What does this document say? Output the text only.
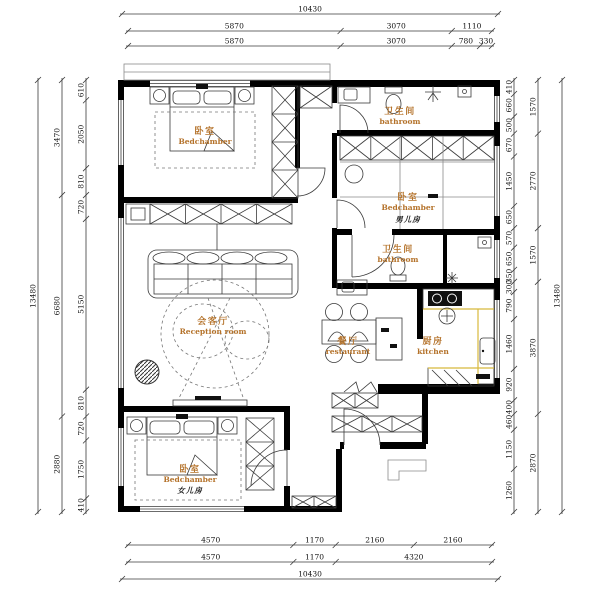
10430
5870	3070	1110
5870	3070	780 330
4570	1170	2160	2160
4570	1170	4320
10430
13480
3470
6680
2880
610
2050
810
720
5150
810
720
1750
410
410
660
500
670
1450
650
570
650
350
300
790
1460
920
400
460
1150
1260
1570
2770
1570
3870
2870
13480
卧室
Bedchamber
卫生间
bathroom
卧室
Bedchamber
男儿房
卫生间
bathroom
会客厅
Reception room
餐厅
restaurant
厨房
kitchen
卧室
Bedchamber
女儿房
